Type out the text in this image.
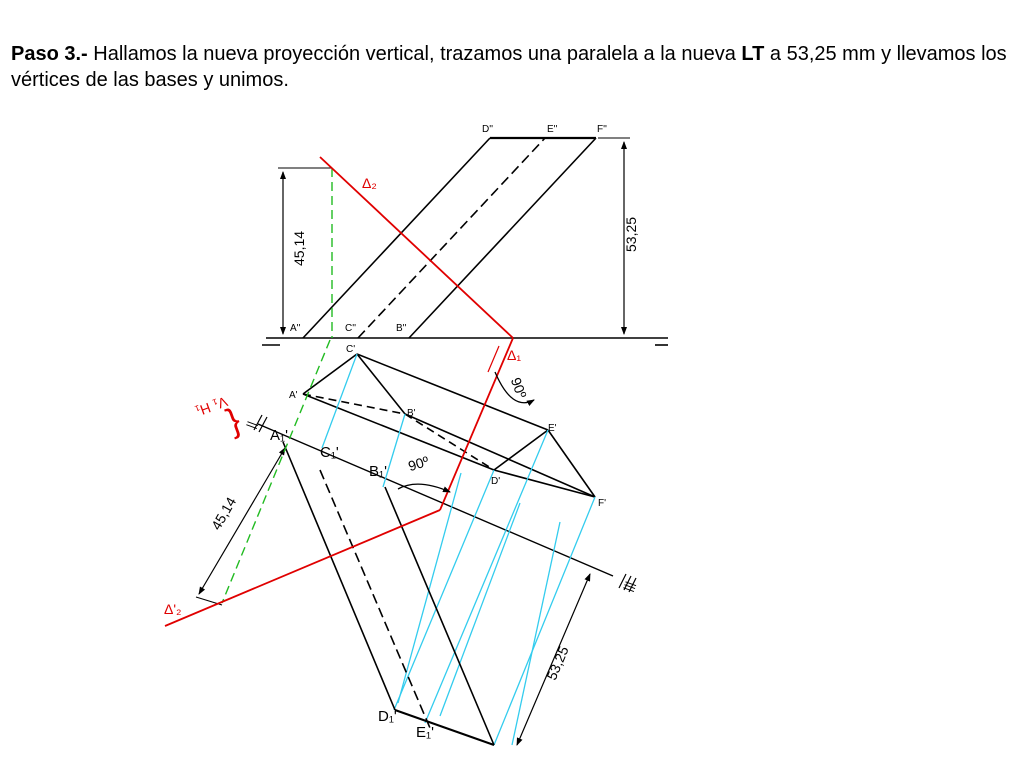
Paso 3.- Hallamos la nueva proyección vertical, trazamos una paralela a la nueva LT a 53,25 mm y llevamos los vértices de las bases y unimos.
}
D''	E''	F''
A''	C''	B''
Δ₂
Δ₁
Δ'₂
C'
A'
B'
E'
D'
F'
A₁'
C₁'
B₁'
D₁'
E₁'
V₁ H₁
||
|||
45,14	53,25
45,14
53,25
90º
90º
